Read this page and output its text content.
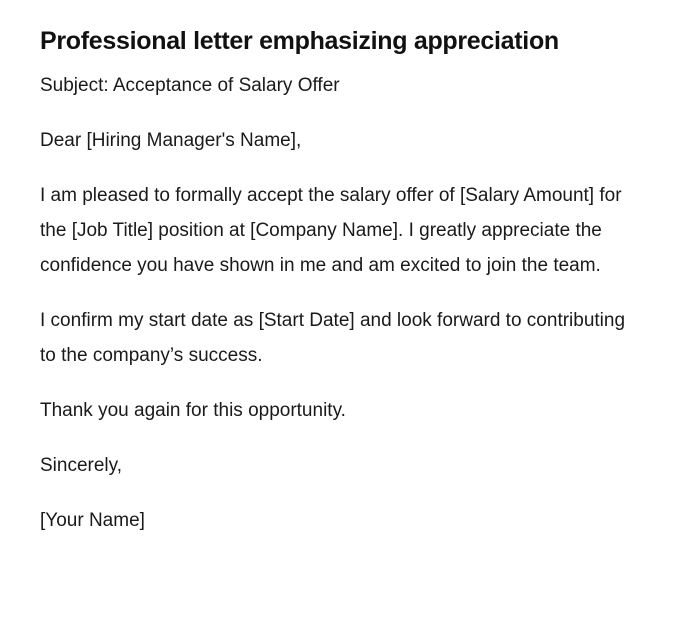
Professional letter emphasizing appreciation

Subject: Acceptance of Salary Offer

Dear [Hiring Manager's Name],

I am pleased to formally accept the salary offer of [Salary Amount] for the [Job Title] position at [Company Name]. I greatly appreciate the confidence you have shown in me and am excited to join the team.

I confirm my start date as [Start Date] and look forward to contributing to the company’s success.

Thank you again for this opportunity.

Sincerely,

[Your Name]
